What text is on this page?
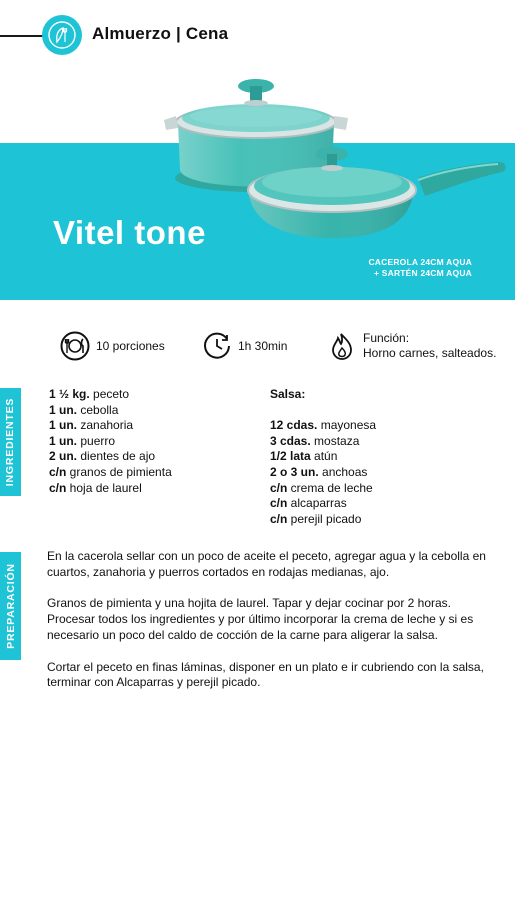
Almuerzo | Cena
Vitel tone
CACEROLA 24CM AQUA
+ SARTÉN 24CM AQUA
10 porciones	1h 30min
Función:
Horno carnes, salteados.
INGREDIENTES
PREPARACIÓN
1 ½ kg. peceto
1 un. cebolla
1 un. zanahoria
1 un. puerro
2 un. dientes de ajo
c/n granos de pimienta
c/n hoja de laurel
Salsa:
12 cdas. mayonesa
3 cdas. mostaza
1/2 lata atún
2 o 3 un. anchoas
c/n crema de leche
c/n alcaparras
c/n perejil picado

En la cacerola sellar con un poco de aceite el peceto, agregar agua y la cebolla en cuartos, zanahoria y puerros cortados en rodajas medianas, ajo.

Granos de pimienta y una hojita de laurel. Tapar y dejar cocinar por 2 horas. Procesar todos los ingredientes y por último incorporar la crema de leche y si es necesario un poco del caldo de cocción de la carne para aligerar la salsa.

Cortar el peceto en finas láminas, disponer en un plato e ir cubriendo con la salsa, terminar con Alcaparras y perejil picado.
